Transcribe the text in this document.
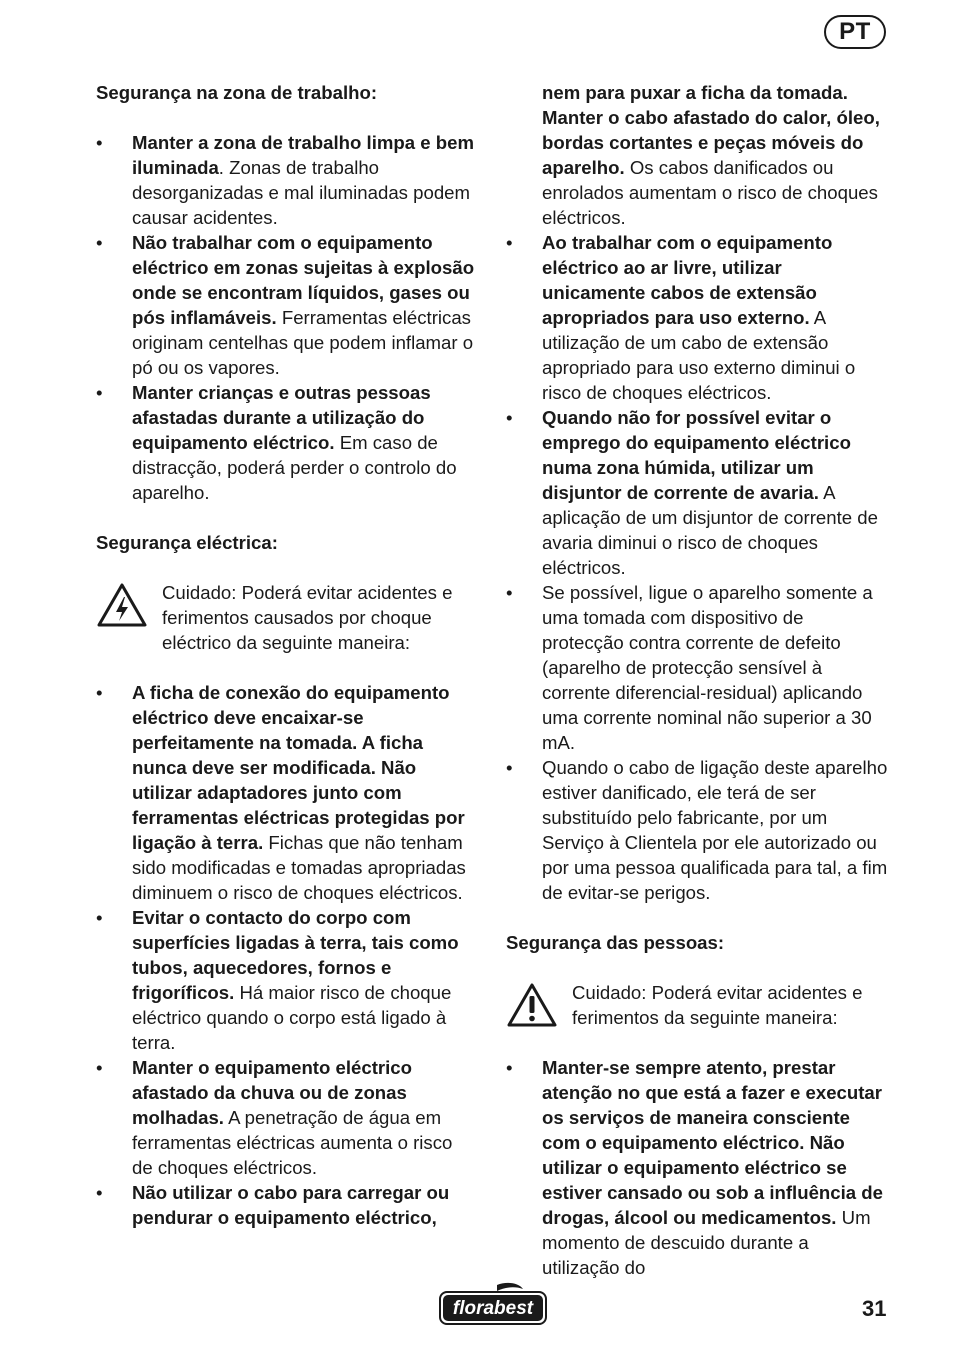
PT
Segurança na zona de trabalho:
• Manter a zona de trabalho limpa e bem iluminada. Zonas de trabalho desorganizadas e mal iluminadas podem causar acidentes.
• Não trabalhar com o equipamento eléctrico em zonas sujeitas à explosão onde se encontram líquidos, gases ou pós inflamáveis. Ferramentas eléctricas originam centelhas que podem inflamar o pó ou os vapores.
• Manter crianças e outras pessoas afastadas durante a utilização do equipamento eléctrico. Em caso de distracção, poderá perder o controlo do aparelho.
Segurança eléctrica:
Cuidado: Poderá evitar acidentes e ferimentos causados por choque eléctrico da seguinte maneira:
• A ficha de conexão do equipamento eléctrico deve encaixar-se perfeitamente na tomada. A ficha nunca deve ser modificada. Não utilizar adaptadores junto com ferramentas eléctricas protegidas por ligação à terra. Fichas que não tenham sido modificadas e tomadas apropriadas diminuem o risco de choques eléctricos.
• Evitar o contacto do corpo com superfícies ligadas à terra, tais como tubos, aquecedores, fornos e frigoríficos. Há maior risco de choque eléctrico quando o corpo está ligado à terra.
• Manter o equipamento eléctrico afastado da chuva ou de zonas molhadas. A penetração de água em ferramentas eléctricas aumenta o risco de choques eléctricos.
• Não utilizar o cabo para carregar ou pendurar o equipamento eléctrico,
nem para puxar a ficha da tomada. Manter o cabo afastado do calor, óleo, bordas cortantes e peças móveis do aparelho. Os cabos danificados ou enrolados aumentam o risco de choques eléctricos.
• Ao trabalhar com o equipamento eléctrico ao ar livre, utilizar unicamente cabos de extensão apropriados para uso externo. A utilização de um cabo de extensão apropriado para uso externo diminui o risco de choques eléctricos.
• Quando não for possível evitar o emprego do equipamento eléctrico numa zona húmida, utilizar um disjuntor de corrente de avaria. A aplicação de um disjuntor de corrente de avaria diminui o risco de choques eléctricos.
• Se possível, ligue o aparelho somente a uma tomada com dispositivo de protecção contra corrente de defeito (aparelho de protecção sensível à corrente diferencial-residual) aplicando uma corrente nominal não superior a 30 mA.
• Quando o cabo de ligação deste aparelho estiver danificado, ele terá de ser substituído pelo fabricante, por um Serviço à Clientela por ele autorizado ou por uma pessoa qualificada para tal, a fim de evitar-se perigos.
Segurança das pessoas:
Cuidado: Poderá evitar acidentes e ferimentos da seguinte maneira:
• Manter-se sempre atento, prestar atenção no que está a fazer e executar os serviços de maneira consciente com o equipamento eléctrico. Não utilizar o equipamento eléctrico se estiver cansado ou sob a influência de drogas, álcool ou medicamentos. Um momento de descuido durante a utilização do
florabest	31
